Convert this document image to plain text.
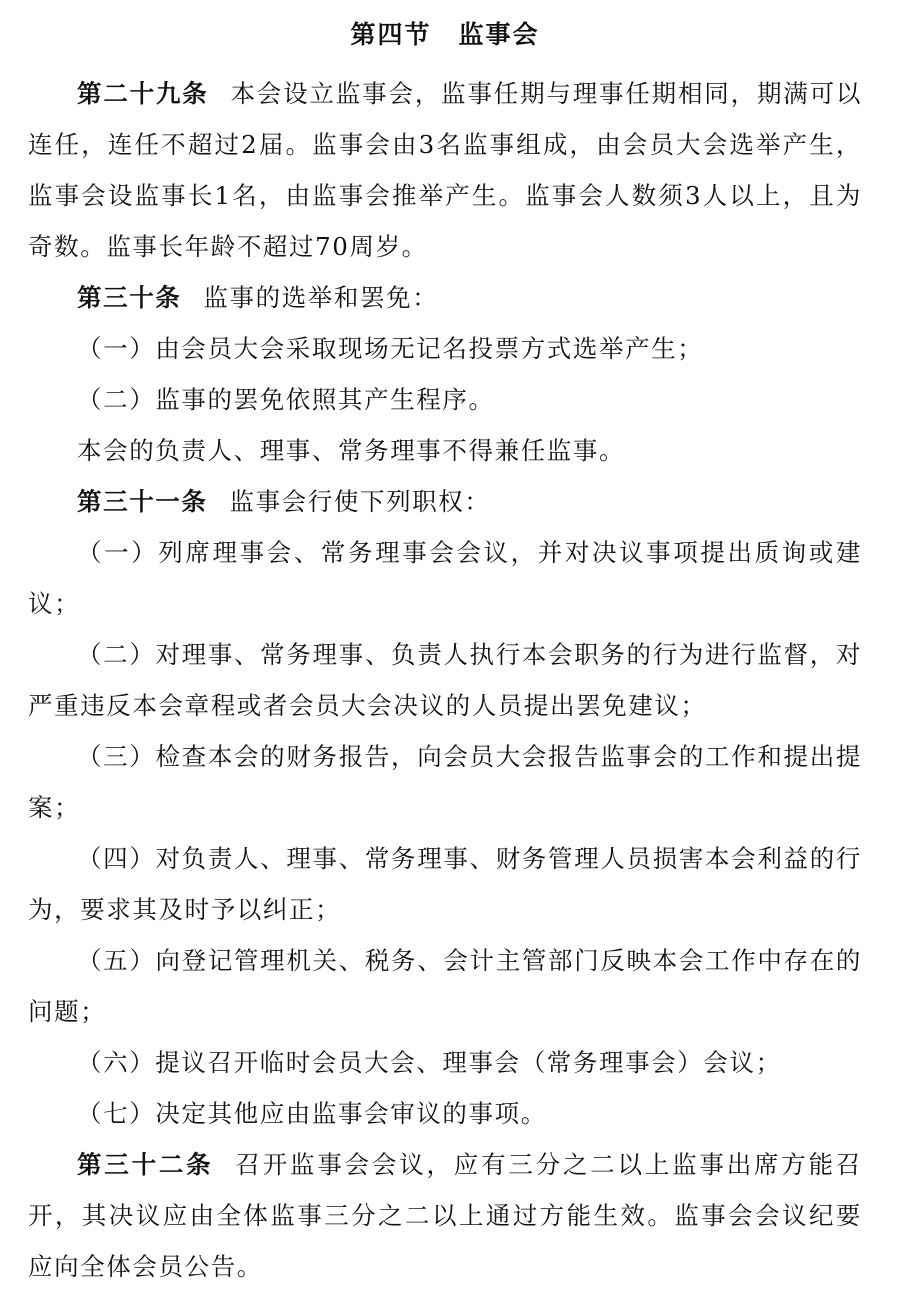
第四节　监事会

第二十九条 本会设立监事会，监事任期与理事任期相同，期满可以连任，连任不超过2届。监事会由3名监事组成，由会员大会选举产生，监事会设监事长1名，由监事会推举产生。监事会人数须3人以上，且为奇数。监事长年龄不超过70周岁。

第三十条 监事的选举和罢免：

（一）由会员大会采取现场无记名投票方式选举产生；

（二）监事的罢免依照其产生程序。

本会的负责人、理事、常务理事不得兼任监事。

第三十一条 监事会行使下列职权：

（一）列席理事会、常务理事会会议，并对决议事项提出质询或建议；

（二）对理事、常务理事、负责人执行本会职务的行为进行监督，对严重违反本会章程或者会员大会决议的人员提出罢免建议；

（三）检查本会的财务报告，向会员大会报告监事会的工作和提出提案；

（四）对负责人、理事、常务理事、财务管理人员损害本会利益的行为，要求其及时予以纠正；

（五）向登记管理机关、税务、会计主管部门反映本会工作中存在的问题；

（六）提议召开临时会员大会、理事会（常务理事会）会议；

（七）决定其他应由监事会审议的事项。

第三十二条 召开监事会会议，应有三分之二以上监事出席方能召开，其决议应由全体监事三分之二以上通过方能生效。监事会会议纪要应向全体会员公告。
